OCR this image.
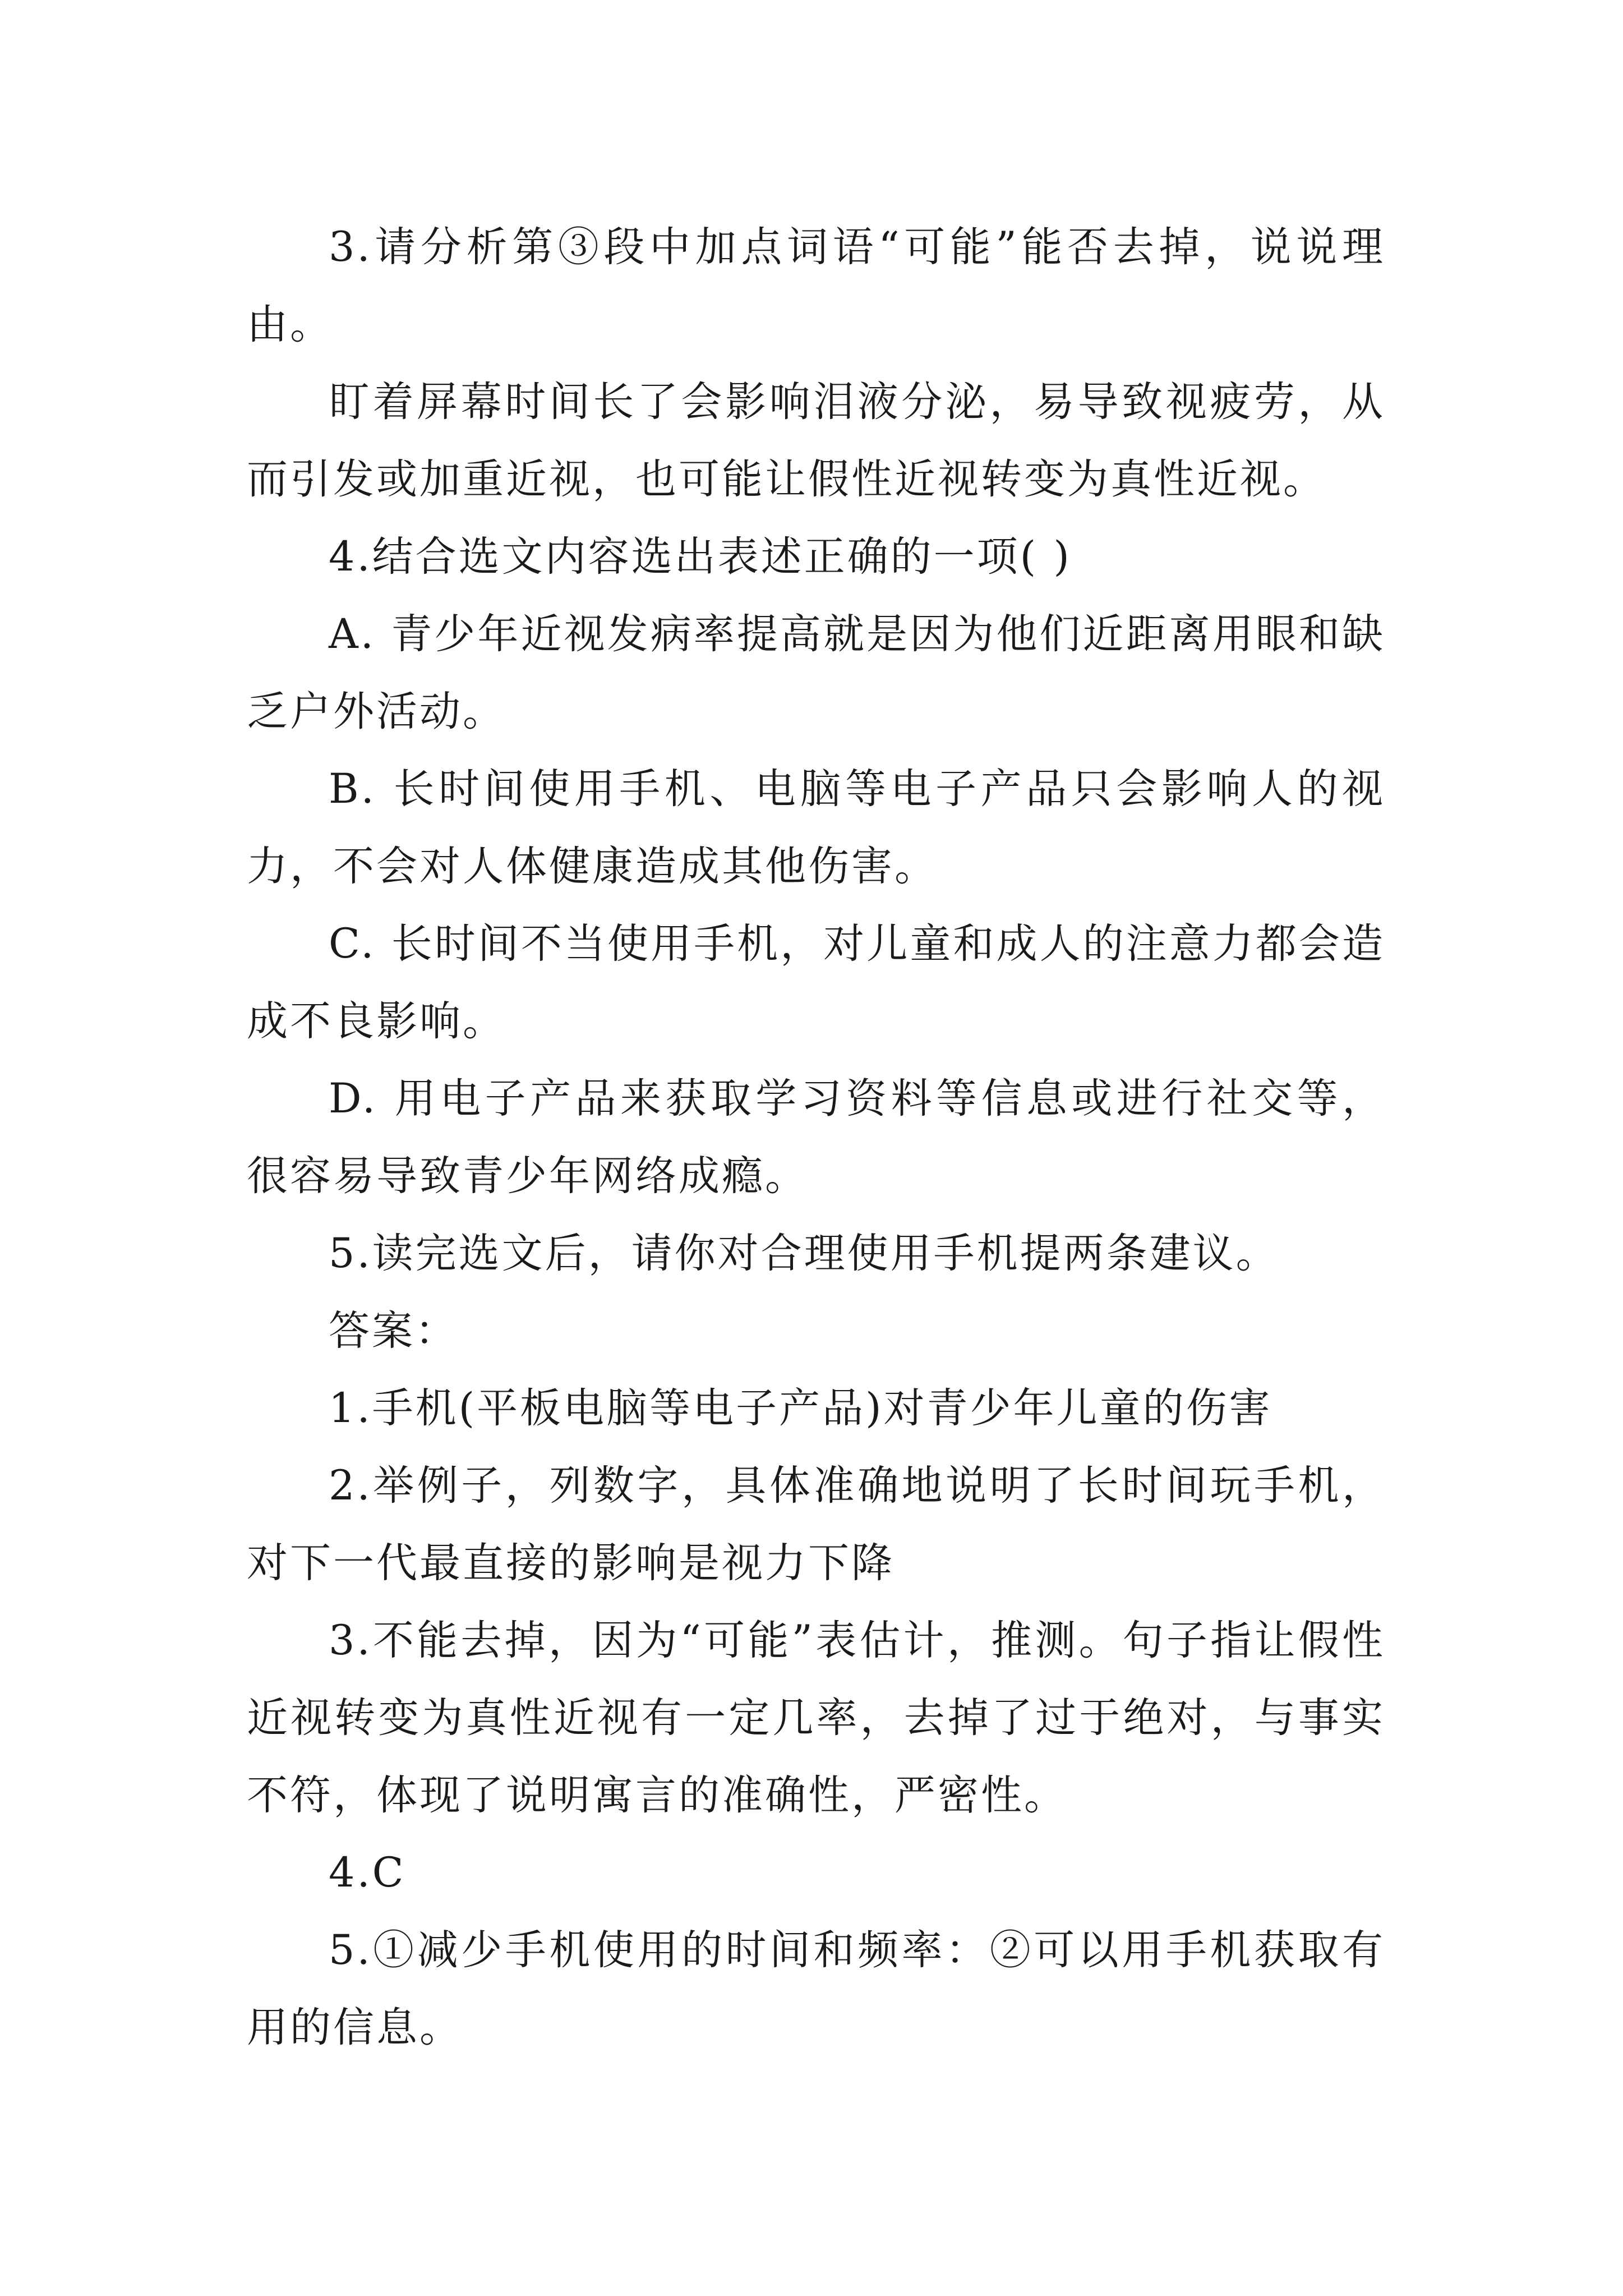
3.请分析第③段中加点词语“可能”能否去掉，说说理由。

盯着屏幕时间长了会影响泪液分泌，易导致视疲劳，从而引发或加重近视，也可能让假性近视转变为真性近视。

4.结合选文内容选出表述正确的一项( )

A. 青少年近视发病率提高就是因为他们近距离用眼和缺乏户外活动。

B. 长时间使用手机、电脑等电子产品只会影响人的视力，不会对人体健康造成其他伤害。

C. 长时间不当使用手机，对儿童和成人的注意力都会造成不良影响。

D. 用电子产品来获取学习资料等信息或进行社交等，很容易导致青少年网络成瘾。

5.读完选文后，请你对合理使用手机提两条建议。

答案：

1.手机(平板电脑等电子产品)对青少年儿童的伤害

2.举例子，列数字，具体准确地说明了长时间玩手机，对下一代最直接的影响是视力下降

3.不能去掉，因为“可能”表估计，推测。句子指让假性近视转变为真性近视有一定几率，去掉了过于绝对，与事实不符，体现了说明寓言的准确性，严密性。

4.C

5.①减少手机使用的时间和频率：②可以用手机获取有用的信息。
